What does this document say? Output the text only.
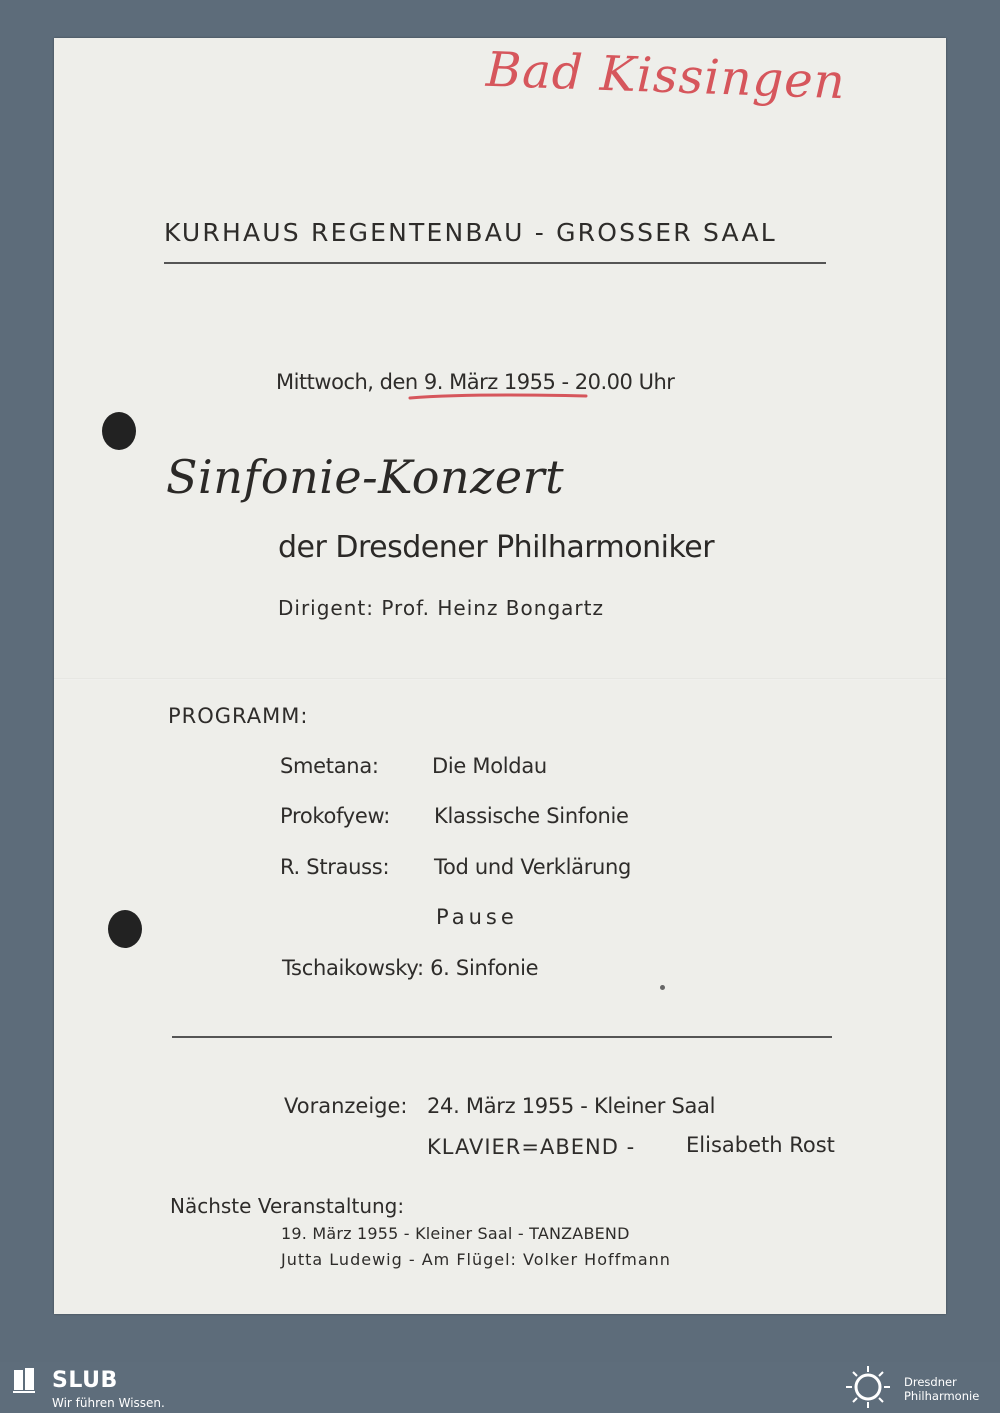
Bad Kissingen
KURHAUS REGENTENBAU - GROSSER SAAL
Mittwoch, den 9. März 1955 - 20.00 Uhr
Sinfonie-Konzert
der Dresdener Philharmoniker
Dirigent: Prof. Heinz Bongartz
PROGRAMM:
Smetana:	Die Moldau
Prokofyew: Klassische Sinfonie
R. Strauss: Tod und Verklärung
Pause
Tschaikowsky: 6. Sinfonie
Voranzeige: 24. März 1955 - Kleiner Saal
KLAVIER=ABEND - Elisabeth Rost
Nächste Veranstaltung:
19. März 1955 - Kleiner Saal - TANZABEND
Jutta Ludewig - Am Flügel: Volker Hoffmann
SLUB
Wir führen Wissen.
Dresdner
Philharmonie
